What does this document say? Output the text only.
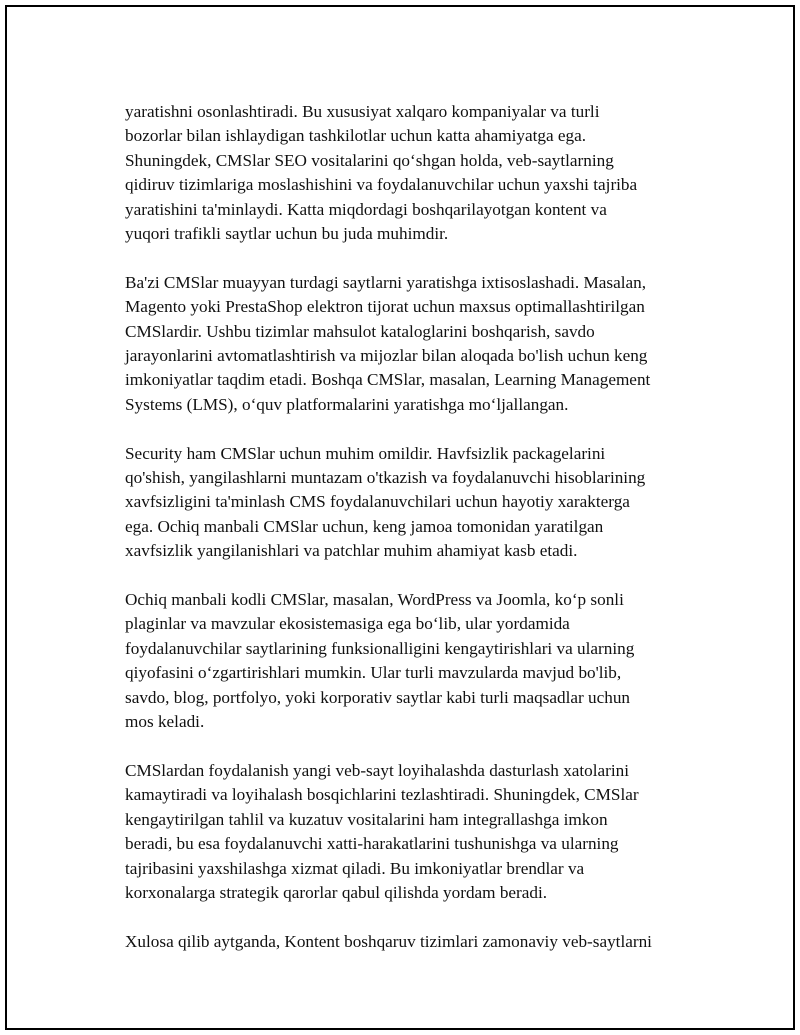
yaratishni osonlashtiradi. Bu xususiyat xalqaro kompaniyalar va turli
bozorlar bilan ishlaydigan tashkilotlar uchun katta ahamiyatga ega.
Shuningdek, CMSlar SEO vositalarini qo‘shgan holda, veb-saytlarning
qidiruv tizimlariga moslashishini va foydalanuvchilar uchun yaxshi tajriba
yaratishini ta'minlaydi. Katta miqdordagi boshqarilayotgan kontent va
yuqori trafikli saytlar uchun bu juda muhimdir.

Ba'zi CMSlar muayyan turdagi saytlarni yaratishga ixtisoslashadi. Masalan,
Magento yoki PrestaShop elektron tijorat uchun maxsus optimallashtirilgan
CMSlardir. Ushbu tizimlar mahsulot kataloglarini boshqarish, savdo
jarayonlarini avtomatlashtirish va mijozlar bilan aloqada bo'lish uchun keng
imkoniyatlar taqdim etadi. Boshqa CMSlar, masalan, Learning Management
Systems (LMS), o‘quv platformalarini yaratishga mo‘ljallangan.

Security ham CMSlar uchun muhim omildir. Havfsizlik packagelarini
qo'shish, yangilashlarni muntazam o'tkazish va foydalanuvchi hisoblarining
xavfsizligini ta'minlash CMS foydalanuvchilari uchun hayotiy xarakterga
ega. Ochiq manbali CMSlar uchun, keng jamoa tomonidan yaratilgan
xavfsizlik yangilanishlari va patchlar muhim ahamiyat kasb etadi.

Ochiq manbali kodli CMSlar, masalan, WordPress va Joomla, ko‘p sonli
plaginlar va mavzular ekosistemasiga ega bo‘lib, ular yordamida
foydalanuvchilar saytlarining funksionalligini kengaytirishlari va ularning
qiyofasini o‘zgartirishlari mumkin. Ular turli mavzularda mavjud bo'lib,
savdo, blog, portfolyo, yoki korporativ saytlar kabi turli maqsadlar uchun
mos keladi.

CMSlardan foydalanish yangi veb-sayt loyihalashda dasturlash xatolarini
kamaytiradi va loyihalash bosqichlarini tezlashtiradi. Shuningdek, CMSlar
kengaytirilgan tahlil va kuzatuv vositalarini ham integrallashga imkon
beradi, bu esa foydalanuvchi xatti-harakatlarini tushunishga va ularning
tajribasini yaxshilashga xizmat qiladi. Bu imkoniyatlar brendlar va
korxonalarga strategik qarorlar qabul qilishda yordam beradi.

Xulosa qilib aytganda, Kontent boshqaruv tizimlari zamonaviy veb-saytlarni
